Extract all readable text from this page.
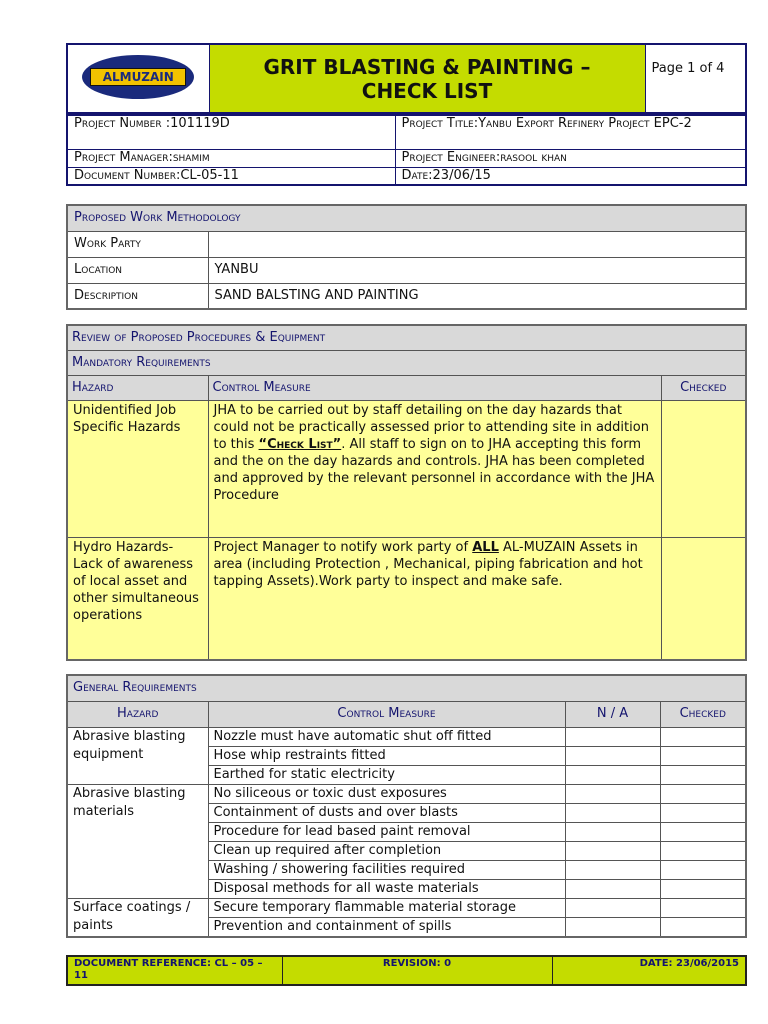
ALMUZAIN	GRIT BLASTING & PAINTING –
CHECK LIST
	Page 1 of 4
Project Number :101119D	Project Title:Yanbu Export Refinery Project EPC-2
Project Manager:shamim	Project Engineer:rasool khan
Document Number:CL-05-11	Date:23/06/15
Proposed Work Methodology	
Work Party	
Location	YANBU
Description	SAND BALSTING AND PAINTING
Review of Proposed Procedures & Equipment		
Mandatory Requirements		
Hazard	Control Measure	Checked
Unidentified Job Specific Hazards	JHA to be carried out by staff detailing on the day hazards that could not be practically assessed prior to attending site in addition to this “Check List”. All staff to sign on to JHA accepting this form and the on the day hazards and controls. JHA has been completed and approved by the relevant personnel in accordance with the JHA Procedure	
Hydro Hazards- Lack of awareness of local asset and other simultaneous operations	Project Manager to notify work party of ALL AL-MUZAIN Assets in area (including Protection , Mechanical, piping fabrication and hot tapping Assets).Work party to inspect and make safe.	
General Requirements			
Hazard	Control Measure	N / A	Checked
Abrasive blasting equipment	Nozzle must have automatic shut off fitted		
	Hose whip restraints fitted		
	Earthed for static electricity		
Abrasive blasting materials	No siliceous or toxic dust exposures		
	Containment of dusts and over blasts		
	Procedure for lead based paint removal		
	Clean up required after completion		
	Washing / showering facilities required		
	Disposal methods for all waste materials		
Surface coatings / paints	Secure temporary flammable material storage		
	Prevention and containment of spills		
DOCUMENT REFERENCE: CL – 05 – 11	REVISION: 0	DATE: 23/06/2015
